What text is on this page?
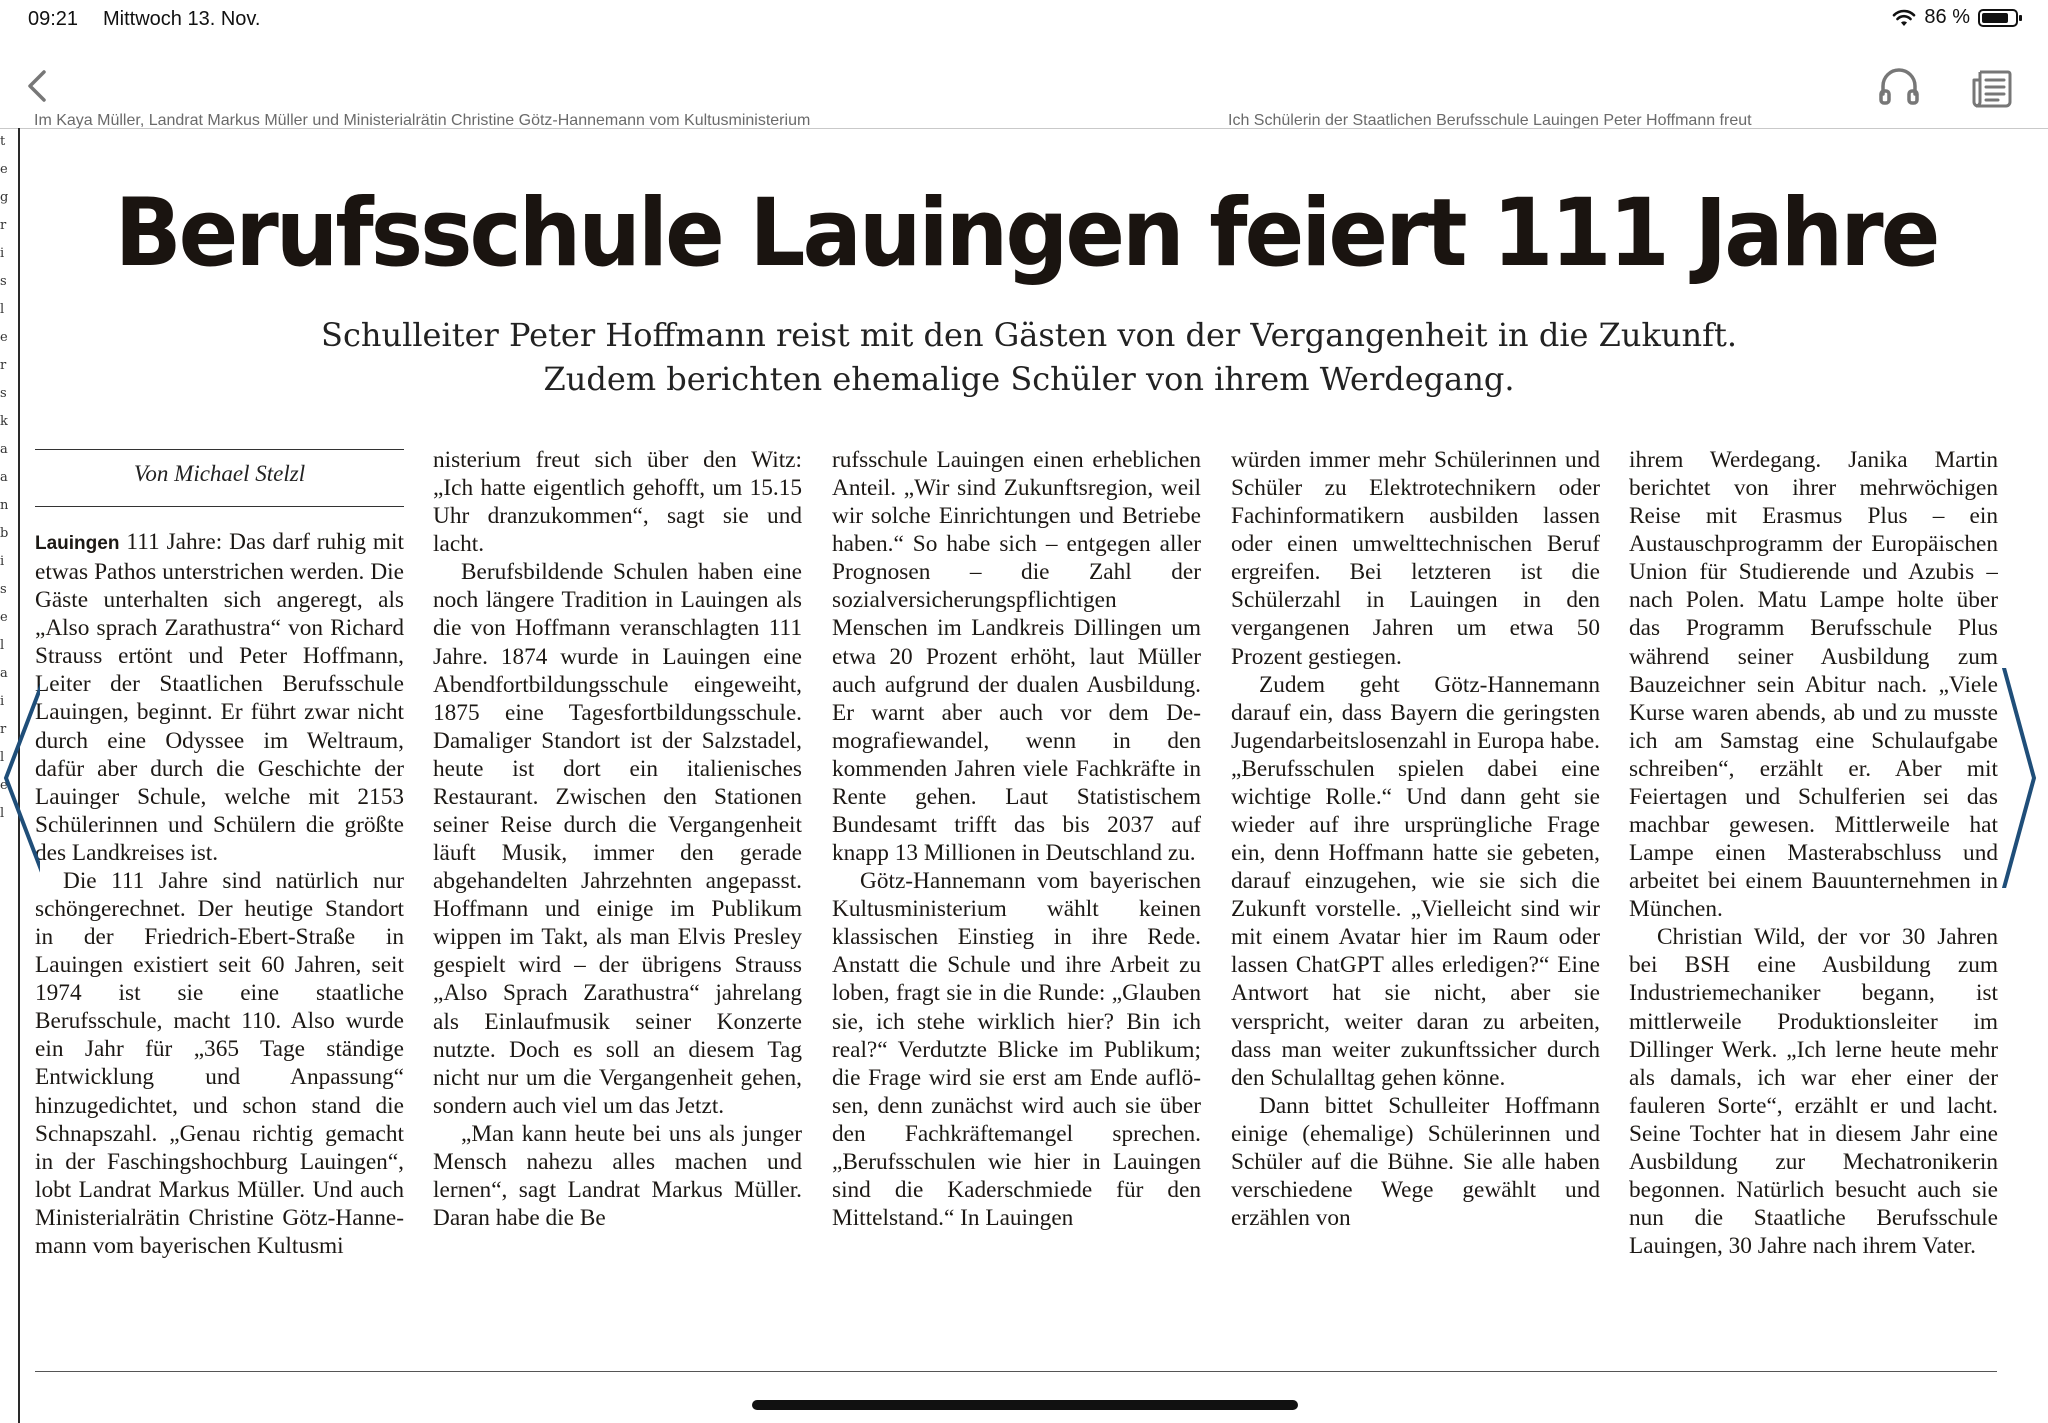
09:21 Mittwoch 13. Nov.	86 %
t
e
g
r
i
s
l
e
r
s
k
a
a
n
b
i
s
e
l
a
i
r
l
e
l
Im Kaya Müller, Landrat Markus Müller und Ministerialrätin Christine Götz-Hannemann vom Kultusministerium	Ich Schülerin der Staatlichen Berufsschule Lauingen Peter Hoffmann freut
Berufsschule Lauingen feiert 111 Jahre
Schulleiter Peter Hoffmann reist mit den Gästen von der Vergangenheit in die Zukunft.
Zudem berichten ehemalige Schüler von ihrem Werdegang.
Von Michael Stelzl

Lauingen 111 Jahre: Das darf ruhig mit etwas Pathos unterstrichen werden. Die Gäste unterhalten sich angeregt, als „Also sprach Zarathustra“ von Richard Strauss ertönt und Peter Hoffmann, Leiter der Staatlichen Berufsschule Lauingen, beginnt. Er führt zwar nicht durch eine Odyssee im Weltraum, dafür aber durch die Geschichte der Lauinger Schule, welche mit 2153 Schülerinnen und Schülern die größte des Landkreises ist.

Die 111 Jahre sind natürlich nur schöngerechnet. Der heutige Standort in der Friedrich-Ebert-Straße in Lauingen existiert seit 60 Jahren, seit 1974 ist sie eine staatliche Berufsschule, macht 110. Also wurde ein Jahr für „365 Tage ständige Entwicklung und Anpassung“ hinzugedichtet, und schon stand die Schnapszahl. „Genau richtig gemacht in der Faschingshochburg Lauingen“, lobt Landrat Markus Müller. Und auch Ministerialrätin Christine Götz-Hannemann vom bayerischen Kultusmi

nisterium freut sich über den Witz: „Ich hatte eigentlich gehofft, um 15.15 Uhr dranzukommen“, sagt sie und lacht.

Berufsbildende Schulen haben eine noch längere Tradition in Lauingen als die von Hoffmann veranschlagten 111 Jahre. 1874 wurde in Lauingen eine Abendfortbildungsschule eingeweiht, 1875 eine Tagesfortbildungsschule. Damaliger Standort ist der Salzstadel, heute ist dort ein italienisches Restaurant. Zwischen den Stationen seiner Reise durch die Vergangenheit läuft Musik, immer den gerade abgehandelten Jahrzehnten angepasst. Hoffmann und einige im Publikum wippen im Takt, als man Elvis Presley gespielt wird – der übrigens Strauss „Also Sprach Zarathustra“ jahrelang als Einlaufmusik seiner Konzerte nutzte. Doch es soll an diesem Tag nicht nur um die Vergangenheit gehen, sondern auch viel um das Jetzt.

„Man kann heute bei uns als junger Mensch nahezu alles machen und lernen“, sagt Landrat Markus Müller. Daran habe die Be

rufsschule Lauingen einen erheblichen Anteil. „Wir sind Zukunftsregion, weil wir solche Einrichtungen und Betriebe haben.“ So habe sich – entgegen aller Prognosen – die Zahl der sozialversicherungspflichtigen Menschen im Landkreis Dillingen um etwa 20 Prozent erhöht, laut Müller auch aufgrund der dualen Ausbildung. Er warnt aber auch vor dem Demografiewandel, wenn in den kommenden Jahren viele Fachkräfte in Rente gehen. Laut Statistischem Bundesamt trifft das bis 2037 auf knapp 13 Millionen in Deutschland zu.

Götz-Hannemann vom bayerischen Kultusministerium wählt keinen klassischen Einstieg in ihre Rede. Anstatt die Schule und ihre Arbeit zu loben, fragt sie in die Runde: „Glauben sie, ich stehe wirklich hier? Bin ich real?“ Verdutzte Blicke im Publikum; die Frage wird sie erst am Ende auflösen, denn zunächst wird auch sie über den Fachkräftemangel sprechen. „Berufsschulen wie hier in Lauingen sind die Kaderschmiede für den Mittelstand.“ In Lauingen

würden immer mehr Schülerinnen und Schüler zu Elektrotechnikern oder Fachinformatikern ausbilden lassen oder einen umwelttechnischen Beruf ergreifen. Bei letzteren ist die Schülerzahl in Lauingen in den vergangenen Jahren um etwa 50 Prozent gestiegen.

Zudem geht Götz-Hannemann darauf ein, dass Bayern die geringsten Jugendarbeitslosenzahl in Europa habe. „Berufsschulen spielen dabei eine wichtige Rolle.“ Und dann geht sie wieder auf ihre ursprüngliche Frage ein, denn Hoffmann hatte sie gebeten, darauf einzugehen, wie sie sich die Zukunft vorstelle. „Vielleicht sind wir mit einem Avatar hier im Raum oder lassen ChatGPT alles erledigen?“ Eine Antwort hat sie nicht, aber sie verspricht, weiter daran zu arbeiten, dass man weiter zukunftssicher durch den Schulalltag gehen könne.

Dann bittet Schulleiter Hoffmann einige (ehemalige) Schülerinnen und Schüler auf die Bühne. Sie alle haben verschiedene Wege gewählt und erzählen von

ihrem Werdegang. Janika Martin berichtet von ihrer mehrwöchigen Reise mit Erasmus Plus – ein Austauschprogramm der Europäischen Union für Studierende und Azubis – nach Polen. Matu Lampe holte über das Programm Berufsschule Plus während seiner Ausbildung zum Bauzeichner sein Abitur nach. „Viele Kurse waren abends, ab und zu musste ich am Samstag eine Schulaufgabe schreiben“, erzählt er. Aber mit Feiertagen und Schulferien sei das machbar gewesen. Mittlerweile hat Lampe einen Masterabschluss und arbeitet bei einem Bauunternehmen in München.

Christian Wild, der vor 30 Jahren bei BSH eine Ausbildung zum Industriemechaniker begann, ist mittlerweile Produktionsleiter im Dillinger Werk. „Ich lerne heute mehr als damals, ich war eher einer der fauleren Sorte“, erzählt er und lacht. Seine Tochter hat in diesem Jahr eine Ausbildung zur Mechatronikerin begonnen. Natürlich besucht auch sie nun die Staatliche Berufsschule Lauingen, 30 Jahre nach ihrem Vater.
